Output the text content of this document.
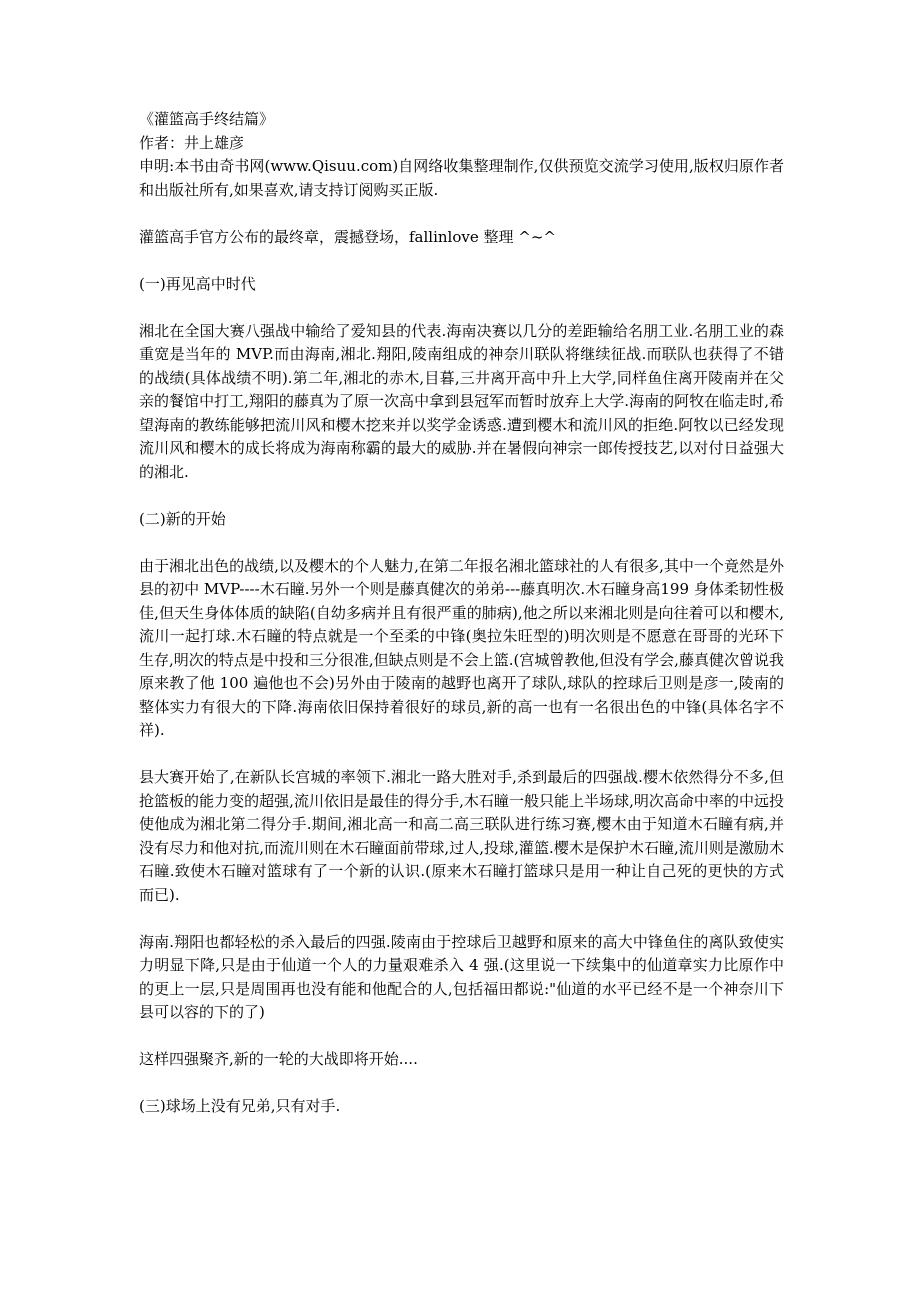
《灌篮高手终结篇》

作者：井上雄彦

申明:本书由奇书网(www.Qisuu.com)自网络收集整理制作,仅供预览交流学习使用,版权归原作者和出版社所有,如果喜欢,请支持订阅购买正版.

灌篮高手官方公布的最终章，震撼登场，fallinlove 整理 ^~^

(一)再见高中时代

湘北在全国大赛八强战中输给了爱知县的代表.海南决赛以几分的差距输给名朋工业.名朋工业的森重宽是当年的 MVP.而由海南,湘北.翔阳,陵南组成的神奈川联队将继续征战.而联队也获得了不错的战绩(具体战绩不明).第二年,湘北的赤木,目暮,三井离开高中升上大学,同样鱼住离开陵南并在父亲的餐馆中打工,翔阳的藤真为了原一次高中拿到县冠军而暂时放弃上大学.海南的阿牧在临走时,希望海南的教练能够把流川风和樱木挖来并以奖学金诱惑.遭到樱木和流川风的拒绝.阿牧以已经发现流川风和樱木的成长将成为海南称霸的最大的威胁.并在暑假向神宗一郎传授技艺,以对付日益强大的湘北.

(二)新的开始

由于湘北出色的战绩,以及樱木的个人魅力,在第二年报名湘北篮球社的人有很多,其中一个竟然是外县的初中 MVP----木石瞳.另外一个则是藤真健次的弟弟---藤真明次.木石瞳身高199 身体柔韧性极佳,但天生身体体质的缺陷(自幼多病并且有很严重的肺病),他之所以来湘北则是向往着可以和樱木,流川一起打球.木石瞳的特点就是一个至柔的中锋(奥拉朱旺型的)明次则是不愿意在哥哥的光环下生存,明次的特点是中投和三分很准,但缺点则是不会上篮.(宫城曾教他,但没有学会,藤真健次曾说我原来教了他 100 遍他也不会)另外由于陵南的越野也离开了球队,球队的控球后卫则是彦一,陵南的整体实力有很大的下降.海南依旧保持着很好的球员,新的高一也有一名很出色的中锋(具体名字不祥).

县大赛开始了,在新队长宫城的率领下.湘北一路大胜对手,杀到最后的四强战.樱木依然得分不多,但抢篮板的能力变的超强,流川依旧是最佳的得分手,木石瞳一般只能上半场球,明次高命中率的中远投使他成为湘北第二得分手.期间,湘北高一和高二高三联队进行练习赛,樱木由于知道木石瞳有病,并没有尽力和他对抗,而流川则在木石瞳面前带球,过人,投球,灌篮.樱木是保护木石瞳,流川则是激励木石瞳.致使木石瞳对篮球有了一个新的认识.(原来木石瞳打篮球只是用一种让自己死的更快的方式而已).

海南.翔阳也都轻松的杀入最后的四强.陵南由于控球后卫越野和原来的高大中锋鱼住的离队致使实力明显下降,只是由于仙道一个人的力量艰难杀入 4 强.(这里说一下续集中的仙道章实力比原作中的更上一层,只是周围再也没有能和他配合的人,包括福田都说:"仙道的水平已经不是一个神奈川下县可以容的下的了)

这样四强聚齐,新的一轮的大战即将开始....

(三)球场上没有兄弟,只有对手.
